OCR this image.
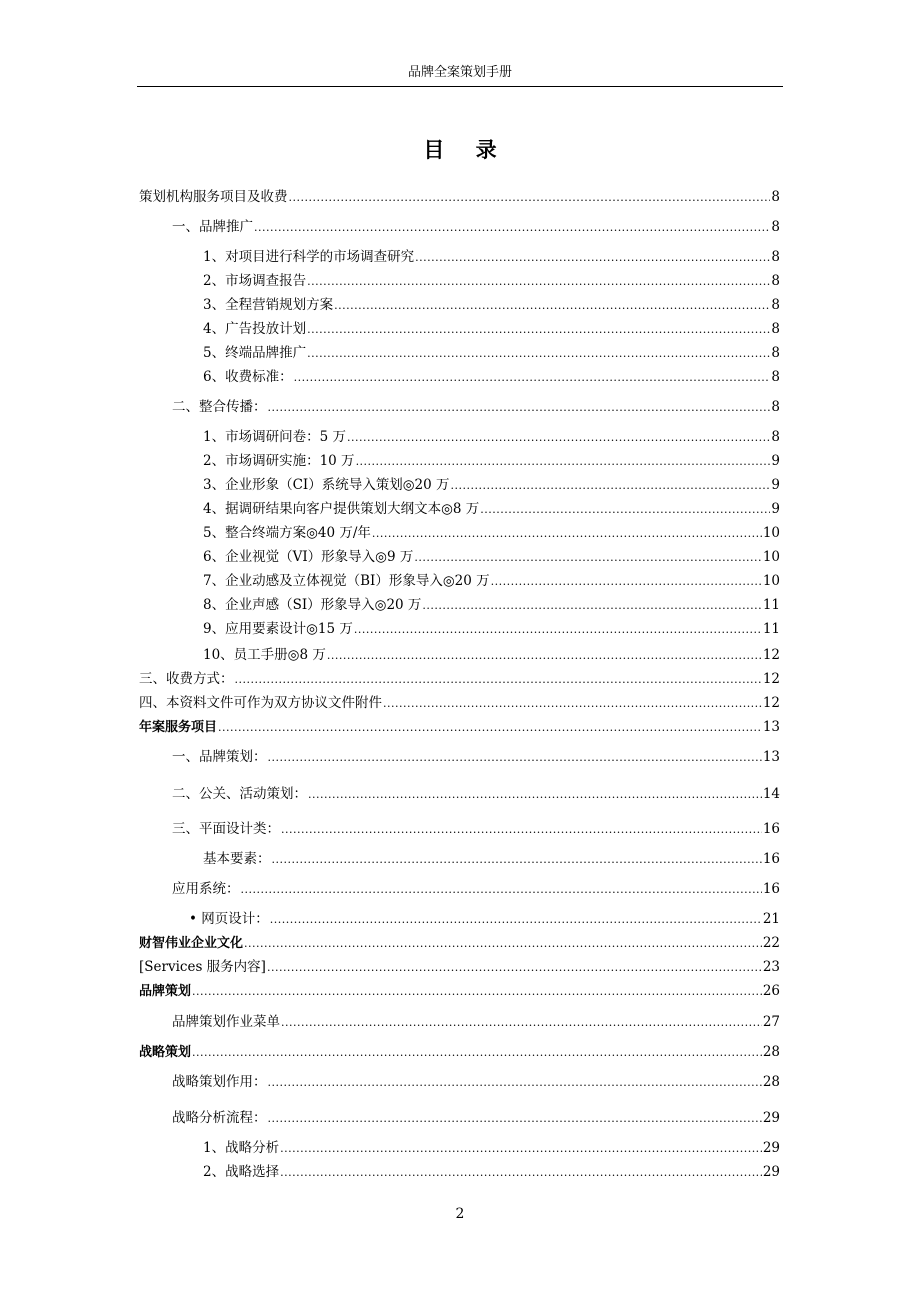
品牌全案策划手册
目 录
策划机构服务项目及收费 .....	8
一、品牌推广 .....	8
1、对项目进行科学的市场调查研究 .....	8
2、市场调查报告 .....	8
3、全程营销规划方案 .....	8
4、广告投放计划 .....	8
5、终端品牌推广 .....	8
6、收费标准： .....	8
二、整合传播： .....	8
1、市场调研问卷：5 万 .....	8
2、市场调研实施：10 万 .....	9
3、企业形象（CI）系统导入策划◎20 万 .....	9
4、据调研结果向客户提供策划大纲文本◎8 万 .....	9
5、整合终端方案◎40 万/年 .....	10
6、企业视觉（VI）形象导入◎9 万 .....	10
7、企业动感及立体视觉（BI）形象导入◎20 万 .....	10
8、企业声感（SI）形象导入◎20 万 .....	11
9、应用要素设计◎15 万 .....	11
10、员工手册◎8 万 .....	12
三、收费方式： .....	12
四、本资料文件可作为双方协议文件附件 .....	12
年案服务项目 .....	13
一、品牌策划： .....	13
二、公关、活动策划： .....	14
三、平面设计类： .....	16
基本要素： .....	16
应用系统： .....	16
• 网页设计： .....	21
财智伟业企业文化 .....	22
[Services 服务内容] .....	23
品牌策划 .....	26
品牌策划作业菜单 .....	27
战略策划 .....	28
战略策划作用： .....	28
战略分析流程： .....	29
1、战略分析 .....	29
2、战略选择 .....	29
2
